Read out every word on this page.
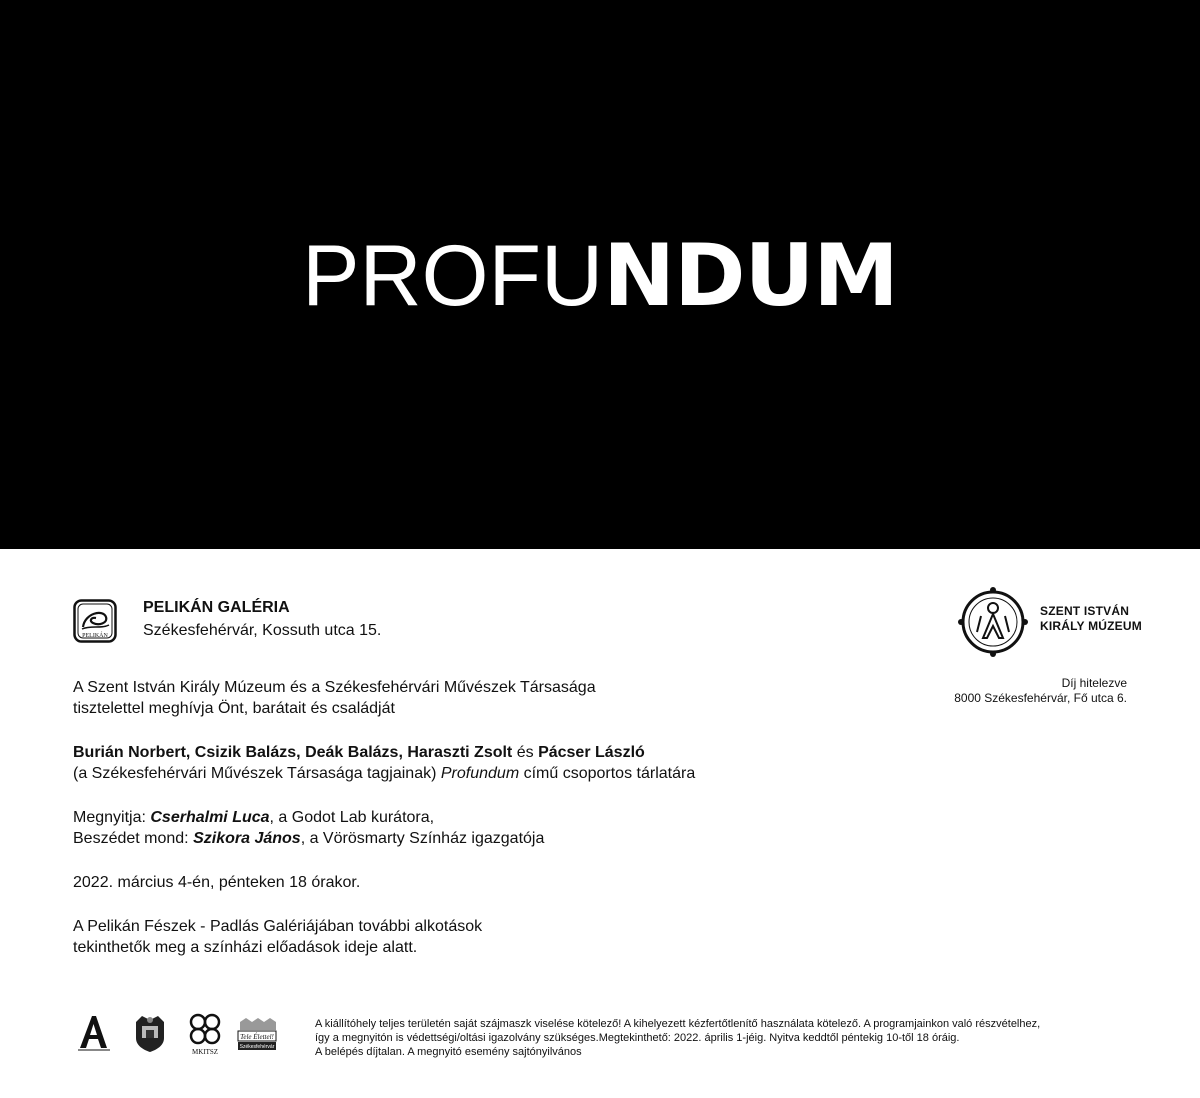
PROFUNDUM
PELIKÁN
PELIKÁN GALÉRIA
Székesfehérvár, Kossuth utca 15.
SZENT ISTVÁN
KIRÁLY MÚZEUM
Díj hitelezve
8000 Székesfehérvár, Fő utca 6.

A Szent István Király Múzeum és a Székesfehérvári Művészek Társasága
tisztelettel meghívja Önt, barátait és családját

Burián Norbert, Csizik Balázs, Deák Balázs, Haraszti Zsolt és Pácser László
(a Székesfehérvári Művészek Társasága tagjainak) Profundum című csoportos tárlatára

Megnyitja: Cserhalmi Luca, a Godot Lab kurátora,
Beszédet mond: Szikora János, a Vörösmarty Színház igazgatója

2022. március 4-én, pénteken 18 órakor.

A Pelikán Fészek - Padlás Galériájában további alkotások
tekinthetők meg a színházi előadások ideje alatt.

MKITSZ
Tele Élettel!
Székesfehérvár
A kiállítóhely teljes területén saját szájmaszk viselése kötelező! A kihelyezett kézfertőtlenítő használata kötelező. A programjainkon való részvételhez,
így a megnyitón is védettségi/oltási igazolvány szükséges.Megtekinthető: 2022. április 1-jéig. Nyitva keddtől péntekig 10-től 18 óráig.
A belépés díjtalan. A megnyitó esemény sajtónyilvános
